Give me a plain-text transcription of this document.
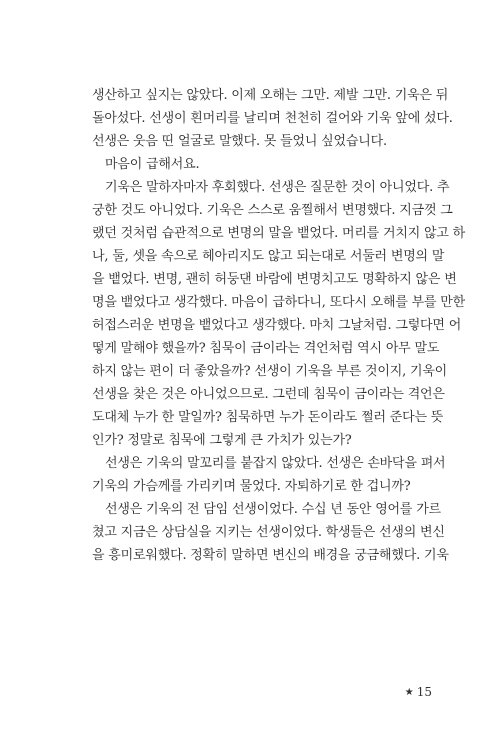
생산하고 싶지는 않았다. 이제 오해는 그만. 제발 그만. 기욱은 뒤
돌아섰다. 선생이 흰머리를 날리며 천천히 걸어와 기욱 앞에 섰다.
선생은 웃음 띤 얼굴로 말했다. 못 들었니 싶었습니다.
마음이 급해서요.
기욱은 말하자마자 후회했다. 선생은 질문한 것이 아니었다. 추
궁한 것도 아니었다. 기욱은 스스로 움찔해서 변명했다. 지금껏 그
랬던 것처럼 습관적으로 변명의 말을 뱉었다. 머리를 거치지 않고 하
나, 둘, 셋을 속으로 헤아리지도 않고 되는대로 서둘러 변명의 말
을 뱉었다. 변명, 괜히 허둥댄 바람에 변명치고도 명확하지 않은 변
명을 뱉었다고 생각했다. 마음이 급하다니, 또다시 오해를 부를 만한
허접스러운 변명을 뱉었다고 생각했다. 마치 그날처럼. 그렇다면 어
떻게 말해야 했을까? 침묵이 금이라는 격언처럼 역시 아무 말도
하지 않는 편이 더 좋았을까? 선생이 기욱을 부른 것이지, 기욱이
선생을 찾은 것은 아니었으므로. 그런데 침묵이 금이라는 격언은
도대체 누가 한 말일까? 침묵하면 누가 돈이라도 쩔러 준다는 뜻
인가? 정말로 침묵에 그렇게 큰 가치가 있는가?
선생은 기욱의 말꼬리를 붙잡지 않았다. 선생은 손바닥을 펴서
기욱의 가슴께를 가리키며 물었다. 자퇴하기로 한 겁니까?
선생은 기욱의 전 담임 선생이었다. 수십 년 동안 영어를 가르
쳤고 지금은 상담실을 지키는 선생이었다. 학생들은 선생의 변신
을 흥미로워했다. 정확히 말하면 변신의 배경을 궁금해했다. 기욱
★ 15
